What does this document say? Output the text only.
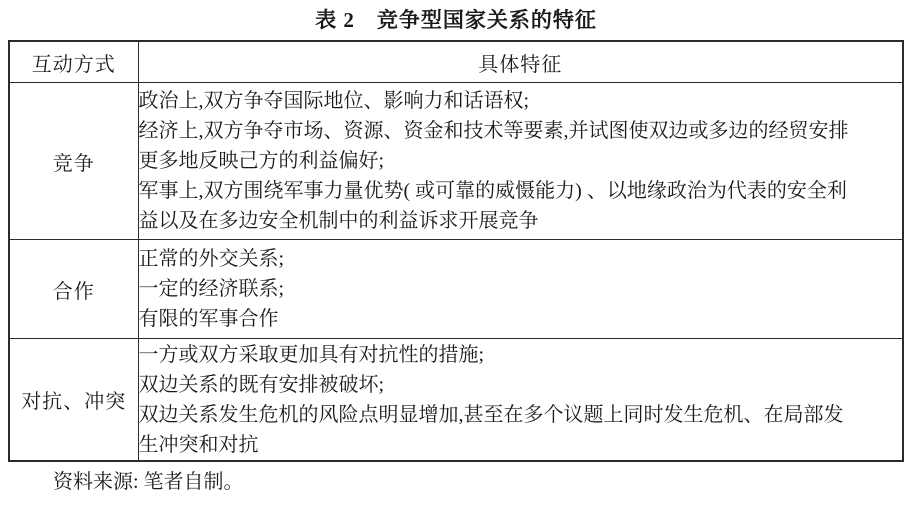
表 2　竞争型国家关系的特征
互动方式	具体特征
竞争	政治上,双方争夺国际地位、影响力和话语权;
经济上,双方争夺市场、资源、资金和技术等要素,并试图使双边或多边的经贸安排
更多地反映己方的利益偏好;
军事上,双方围绕军事力量优势( 或可靠的威慑能力) 、以地缘政治为代表的安全利
益以及在多边安全机制中的利益诉求开展竞争

合作	正常的外交关系;
一定的经济联系;
有限的军事合作

对抗、冲突	一方或双方采取更加具有对抗性的措施;
双边关系的既有安排被破坏;
双边关系发生危机的风险点明显增加,甚至在多个议题上同时发生危机、在局部发
生冲突和对抗
资料来源: 笔者自制。
